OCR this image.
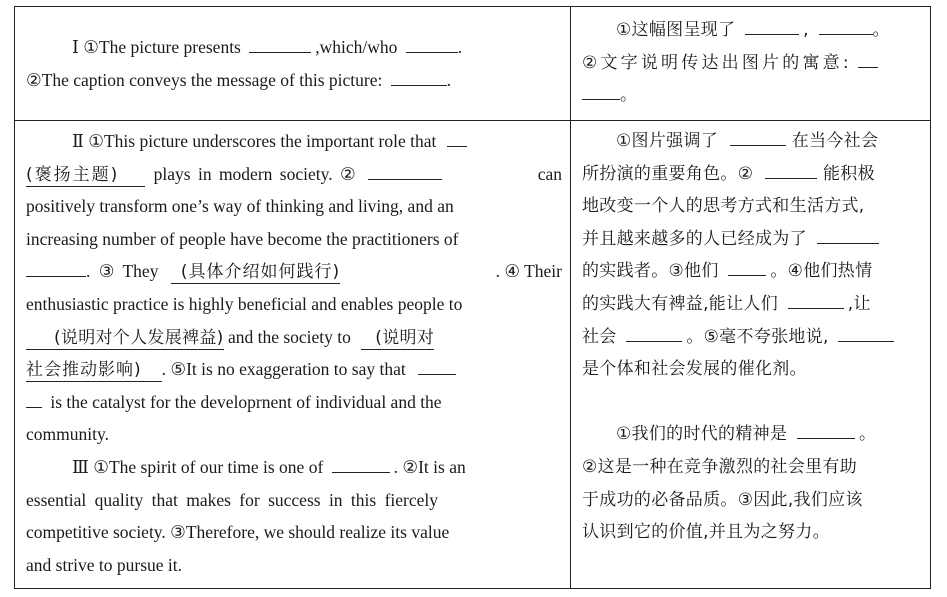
Ⅰ ①The picture presents	,which/who	.
②The caption conveys the message of this picture:	.
①这幅图呈现了	,	。
②文字说明传达出图片的寓意:
。
Ⅱ ①This picture underscores the important role that
(褒扬主题) plays in modern society. ②	can
positively transform one’s way of thinking and living, and an
increasing number of people have become the practitioners of
. ③ They (具体介绍如何践行)	. ④ Their
enthusiastic practice is highly beneficial and enables people to
(说明对个人发展裨益) and the society to (说明对
社会推动影响) . ⑤It is no exaggeration to say that
is the catalyst for the developrnent of individual and the
community.
Ⅲ ①The spirit of our time is one of	. ②It is an
essential quality that makes for success in this fiercely
competitive society. ③Therefore, we should realize its value
and strive to pursue it.
①图片强调了	在当今社会
所扮演的重要角色。②	能积极
地改变一个人的思考方式和生活方式,
并且越来越多的人已经成为了
的实践者。③他们	。④他们热情
的实践大有裨益,能让人们	,让
社会	。⑤毫不夸张地说,
是个体和社会发展的催化剂。
①我们的时代的精神是	。
②这是一种在竞争激烈的社会里有助
于成功的必备品质。③因此,我们应该
认识到它的价值,并且为之努力。
